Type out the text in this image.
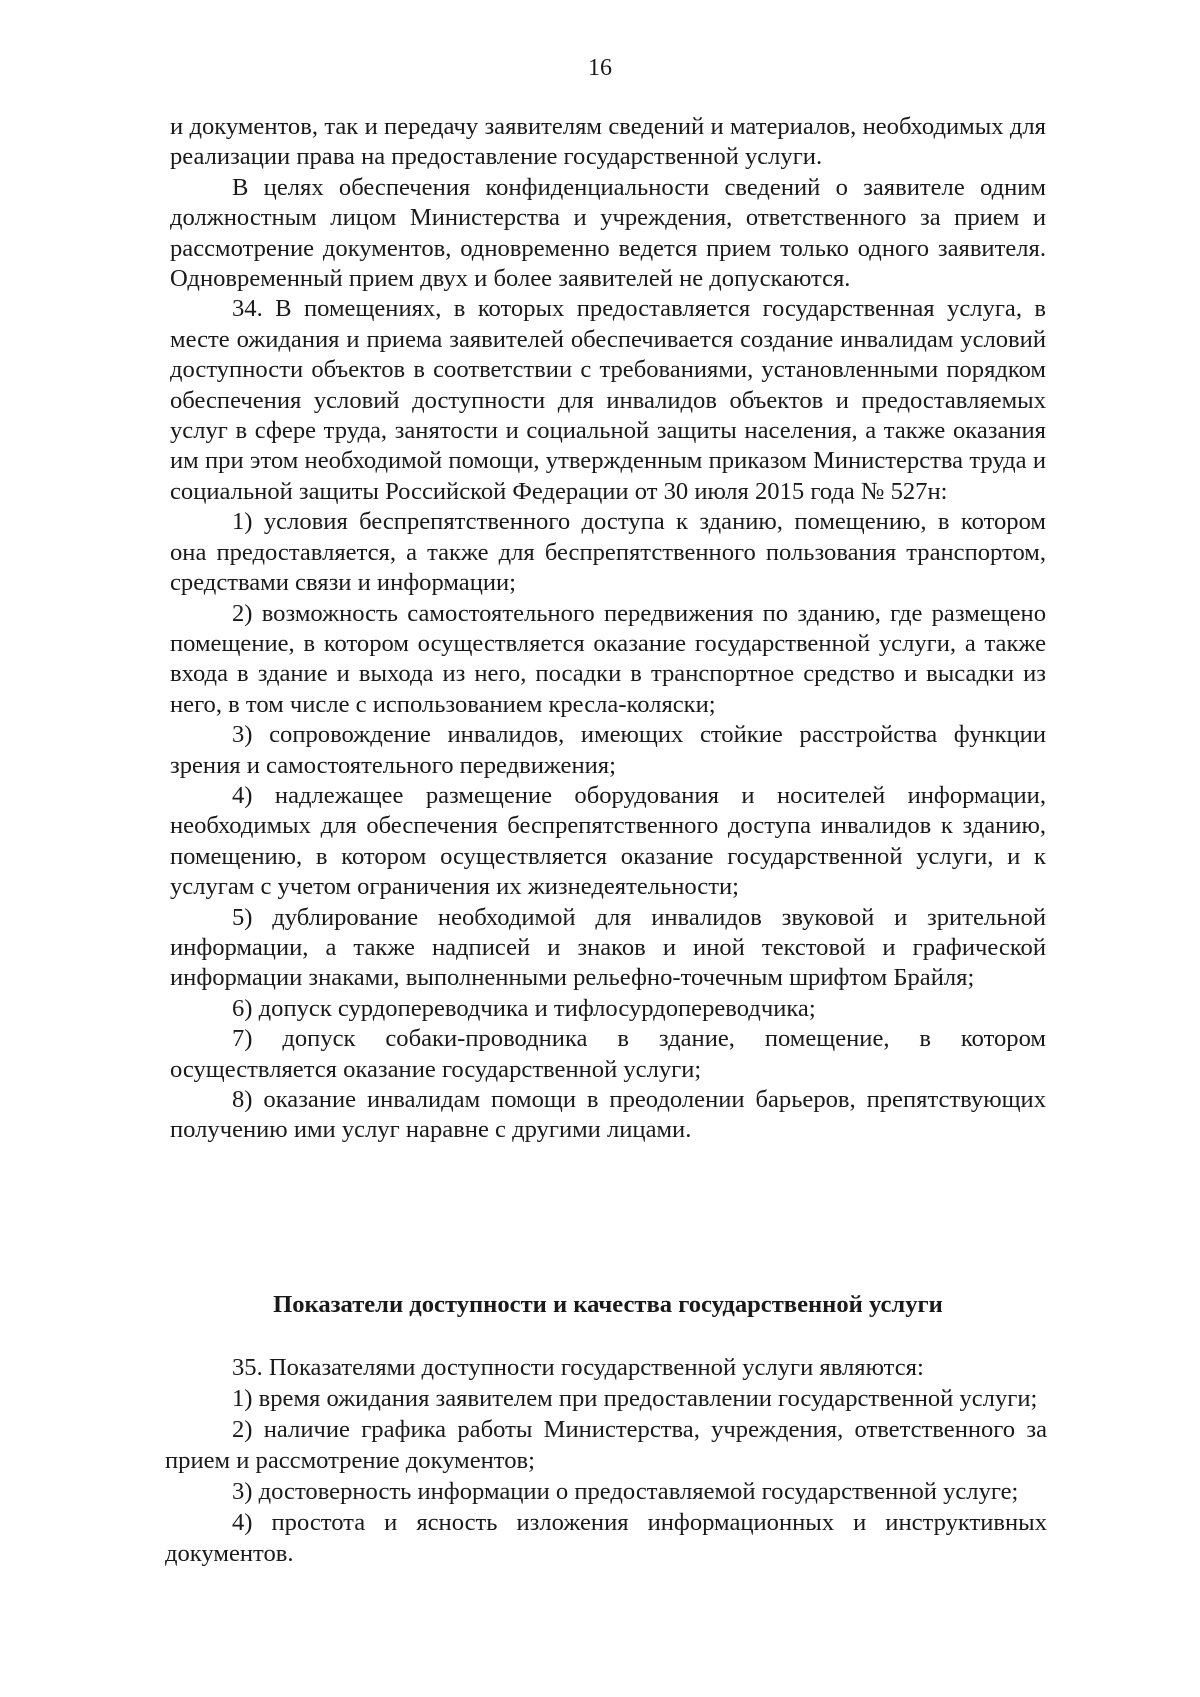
16

и документов, так и передачу заявителям сведений и материалов, необходимых для реализации права на предоставление государственной услуги.

В целях обеспечения конфиденциальности сведений о заявителе одним должностным лицом Министерства и учреждения, ответственного за прием и рассмотрение документов, одновременно ведется прием только одного заявителя. Одновременный прием двух и более заявителей не допускаются.

34. В помещениях, в которых предоставляется государственная услуга, в месте ожидания и приема заявителей обеспечивается создание инвалидам условий доступности объектов в соответствии с требованиями, установленными порядком обеспечения условий доступности для инвалидов объектов и предоставляемых услуг в сфере труда, занятости и социальной защиты населения, а также оказания им при этом необходимой помощи, утвержденным приказом Министерства труда и социальной защиты Российской Федерации от 30 июля 2015 года № 527н:

1) условия беспрепятственного доступа к зданию, помещению, в котором она предоставляется, а также для беспрепятственного пользования транспортом, средствами связи и информации;

2) возможность самостоятельного передвижения по зданию, где размещено помещение, в котором осуществляется оказание государственной услуги, а также входа в здание и выхода из него, посадки в транспортное средство и высадки из него, в том числе с использованием кресла-коляски;

3) сопровождение инвалидов, имеющих стойкие расстройства функции зрения и самостоятельного передвижения;

4) надлежащее размещение оборудования и носителей информации, необходимых для обеспечения беспрепятственного доступа инвалидов к зданию, помещению, в котором осуществляется оказание государственной услуги, и к услугам с учетом ограничения их жизнедеятельности;

5) дублирование необходимой для инвалидов звуковой и зрительной информации, а также надписей и знаков и иной текстовой и графической информации знаками, выполненными рельефно-точечным шрифтом Брайля;

6) допуск сурдопереводчика и тифлосурдопереводчика;

7) допуск собаки-проводника в здание, помещение, в котором осуществляется оказание государственной услуги;

8) оказание инвалидам помощи в преодолении барьеров, препятствующих получению ими услуг наравне с другими лицами.

Показатели доступности и качества государственной услуги

35. Показателями доступности государственной услуги являются:

1) время ожидания заявителем при предоставлении государственной услуги;

2) наличие графика работы Министерства, учреждения, ответственного за прием и рассмотрение документов;

3) достоверность информации о предоставляемой государственной услуге;

4) простота и ясность изложения информационных и инструктивных документов.
